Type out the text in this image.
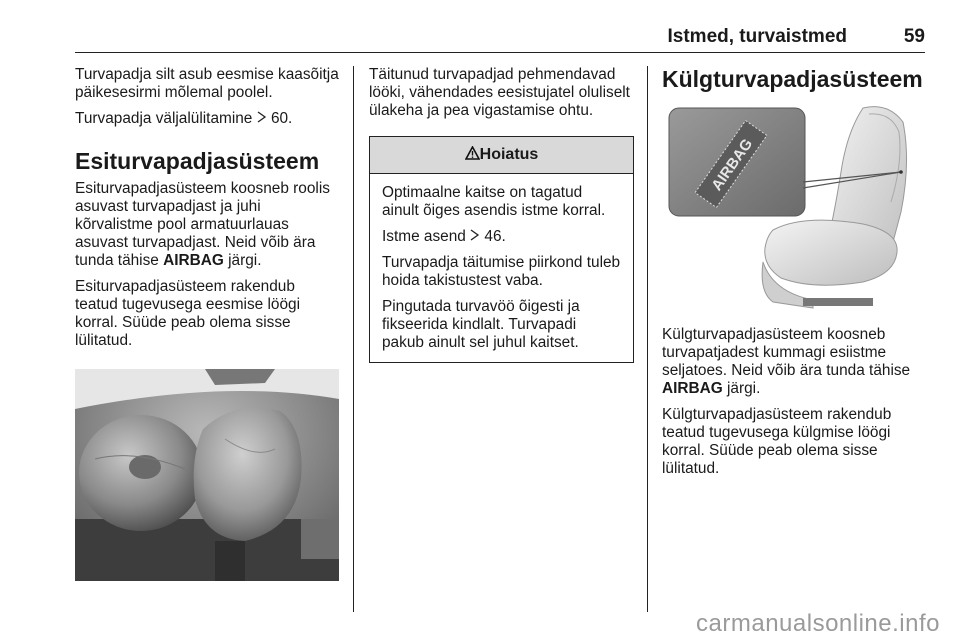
Istmed, turvaistmed	59

Turvapadja silt asub eesmise kaasõitja päikesesirmi mõlemal poolel.

Turvapadja väljalülitamine  60.

Esiturvapadjasüsteem

Esiturvapadjasüsteem koosneb roolis asuvast turvapadjast ja juhi kõrvalistme pool armatuurlauas asuvast turvapadjast. Neid võib ära tunda tähise AIRBAG järgi.

Esiturvapadjasüsteem rakendub teatud tugevusega eesmise löögi korral. Süüde peab olema sisse lülitatud.

Täitunud turvapadjad pehmendavad lööki, vähendades eesistujatel oluliselt ülakeha ja pea vigastamise ohtu.

Hoiatus

Optimaalne kaitse on tagatud ainult õiges asendis istme korral.

Istme asend  46.

Turvapadja täitumise piirkond tuleb hoida takistustest vaba.

Pingutada turvavöö õigesti ja fikseerida kindlalt. Turvapadi pakub ainult sel juhul kaitset.

Külgturvapadjasüsteem
AIRBAG

Külgturvapadjasüsteem koosneb turvapatjadest kummagi esiistme seljatoes. Neid võib ära tunda tähise AIRBAG järgi.

Külgturvapadjasüsteem rakendub teatud tugevusega külgmise löögi korral. Süüde peab olema sisse lülitatud.

carmanualsonline.info
